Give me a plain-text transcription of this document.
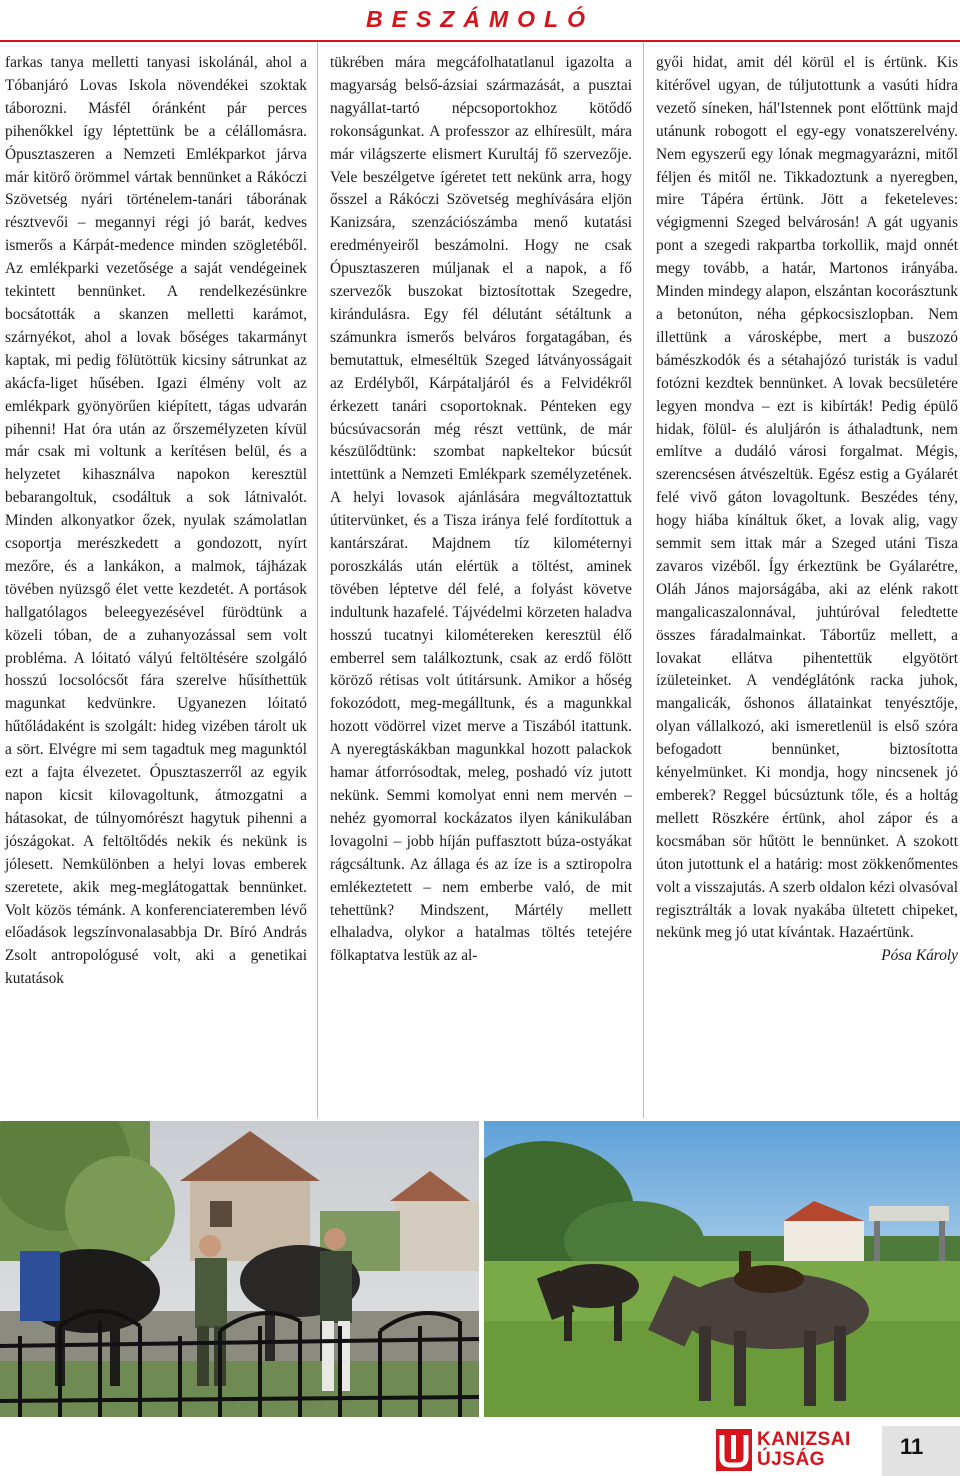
BESZÁMOLÓ

farkas tanya melletti tanyasi iskolánál, ahol a Tóbanjáró Lovas Iskola növendékei szoktak táborozni. Másfél óránként pár perces pihenőkkel így léptettünk be a célállomásra. Ópusztaszeren a Nemzeti Emlékparkot járva már kitörő örömmel vártak bennünket a Rákóczi Szövetség nyári történelem-tanári táborának résztvevői – megannyi régi jó barát, kedves ismerős a Kárpát-medence minden szögletéből. Az emlékparki vezetősége a saját vendégeinek tekintett bennünket. A rendelkezésünkre bocsátották a skanzen melletti karámot, szárnyékot, ahol a lovak bőséges takarmányt kaptak, mi pedig fölütöttük kicsiny sátrunkat az akácfa-liget hűsében. Igazi élmény volt az emlékpark gyönyörűen kiépített, tágas udvarán pihenni! Hat óra után az őrszemélyzeten kívül már csak mi voltunk a kerítésen belül, és a helyzetet kihasználva napokon keresztül bebarangoltuk, csodáltuk a sok látnivalót. Minden alkonyatkor őzek, nyulak számolatlan csoportja merészkedett a gondozott, nyírt mezőre, és a lankákon, a malmok, tájházak tövében nyüzsgő élet vette kezdetét. A portások hallgatólagos beleegyezésével fürödtünk a közeli tóban, de a zuhanyozással sem volt probléma. A lóitató vályú feltöltésére szolgáló hosszú locsolócsőt fára szerelve hűsíthettük magunkat kedvünkre. Ugyanezen lóitató hűtőládaként is szolgált: hideg vizében tárolt uk a sört. Elvégre mi sem tagadtuk meg magunktól ezt a fajta élvezetet. Ópusztaszerről az egyik napon kicsit kilovagoltunk, átmozgatni a hátasokat, de túlnyomórészt hagytuk pihenni a jószágokat. A feltöltődés nekik és nekünk is jólesett. Nemkülönben a helyi lovas emberek szeretete, akik meg-meglátogattak bennünket. Volt közös témánk. A konferenciateremben lévő előadások legszínvonalasabbja Dr. Bíró András Zsolt antropológusé volt, aki a genetikai kutatások

tükrében mára megcáfolhatatlanul igazolta a magyarság belső-ázsiai származását, a pusztai nagyállat-tartó népcsoportokhoz kötődő rokonságunkat. A professzor az elhíresült, mára már világszerte elismert Kurultáj fő szervezője. Vele beszélgetve ígéretet tett nekünk arra, hogy ősszel a Rákóczi Szövetség meghívására eljön Kanizsára, szenzációszámba menő kutatási eredményeiről beszámolni. Hogy ne csak Ópusztaszeren múljanak el a napok, a fő szervezők buszokat biztosítottak Szegedre, kirándulásra. Egy fél délutánt sétáltunk a számunkra ismerős belváros forgatagában, és bemutattuk, elmeséltük Szeged látványosságait az Erdélyből, Kárpátaljáról és a Felvidékről érkezett tanári csoportoknak. Pénteken egy búcsúvacsorán még részt vettünk, de már készülődtünk: szombat napkeltekor búcsút intettünk a Nemzeti Emlékpark személyzetének. A helyi lovasok ajánlására megváltoztattuk útitervünket, és a Tisza iránya felé fordítottuk a kantárszárat. Majdnem tíz kilométernyi poroszkálás után elértük a töltést, aminek tövében léptetve dél felé, a folyást követve indultunk hazafelé. Tájvédelmi körzeten haladva hosszú tucatnyi kilométereken keresztül élő emberrel sem találkoztunk, csak az erdő fölött köröző rétisas volt útitársunk. Amikor a hőség fokozódott, meg-megálltunk, és a magunkkal hozott vödörrel vizet merve a Tiszából itattunk. A nyeregtáskákban magunkkal hozott palackok hamar átforrósodtak, meleg, poshadó víz jutott nekünk. Semmi komolyat enni nem mervén – nehéz gyomorral kockázatos ilyen kánikulában lovagolni – jobb híján puffasztott búza-ostyákat rágcsáltunk. Az állaga és az íze is a sztiropolra emlékeztetett – nem emberbe való, de mit tehettünk? Mindszent, Mártély mellett elhaladva, olykor a hatalmas töltés tetejére fölkaptatva lestük az al-

győi hidat, amit dél körül el is értünk. Kis kitérővel ugyan, de túljutottunk a vasúti hídra vezető síneken, hál'Istennek pont előttünk majd utánunk robogott el egy-egy vonatszerelvény. Nem egyszerű egy lónak megmagyarázni, mitől féljen és mitől ne. Tikkadoztunk a nyeregben, mire Tápéra értünk. Jött a feketeleves: végigmenni Szeged belvárosán! A gát ugyanis pont a szegedi rakpartba torkollik, majd onnét megy tovább, a határ, Martonos irányába. Minden mindegy alapon, elszántan kocorásztunk a betonúton, néha gépkocsiszlopban. Nem illettünk a városképbe, mert a buszozó bámészkodók és a sétahajózó turisták is vadul fotózni kezdtek bennünket. A lovak becsületére legyen mondva – ezt is kibírták! Pedig épülő hidak, fölül- és aluljárón is áthaladtunk, nem említve a dudáló városi forgalmat. Mégis, szerencsésen átvészeltük. Egész estig a Gyálarét felé vivő gáton lovagoltunk. Beszédes tény, hogy hiába kínáltuk őket, a lovak alig, vagy semmit sem ittak már a Szeged utáni Tisza zavaros vizéből. Így érkeztünk be Gyálarétre, Oláh János majorságába, aki az elénk rakott mangalicaszalonnával, juhtúróval feledtette összes fáradalmainkat. Tábortűz mellett, a lovakat ellátva pihentettük elgyötört ízületeinket. A vendéglátónk racka juhok, mangalicák, őshonos állatainkat tenyésztője, olyan vállalkozó, aki ismeretlenül is első szóra befogadott bennünket, biztosította kényelmünket. Ki mondja, hogy nincsenek jó emberek? Reggel búcsúztunk tőle, és a holtág mellett Röszkére értünk, ahol zápor és a kocsmában sör hűtött le bennünket. A szokott úton jutottunk el a határig: most zökkenőmentes volt a visszajutás. A szerb oldalon kézi olvasóval regisztrálták a lovak nyakába ültetett chipeket, nekünk meg jó utat kívántak. Hazaértünk.

Pósa Károly

KANIZSAI
ÚJSÁG
11
